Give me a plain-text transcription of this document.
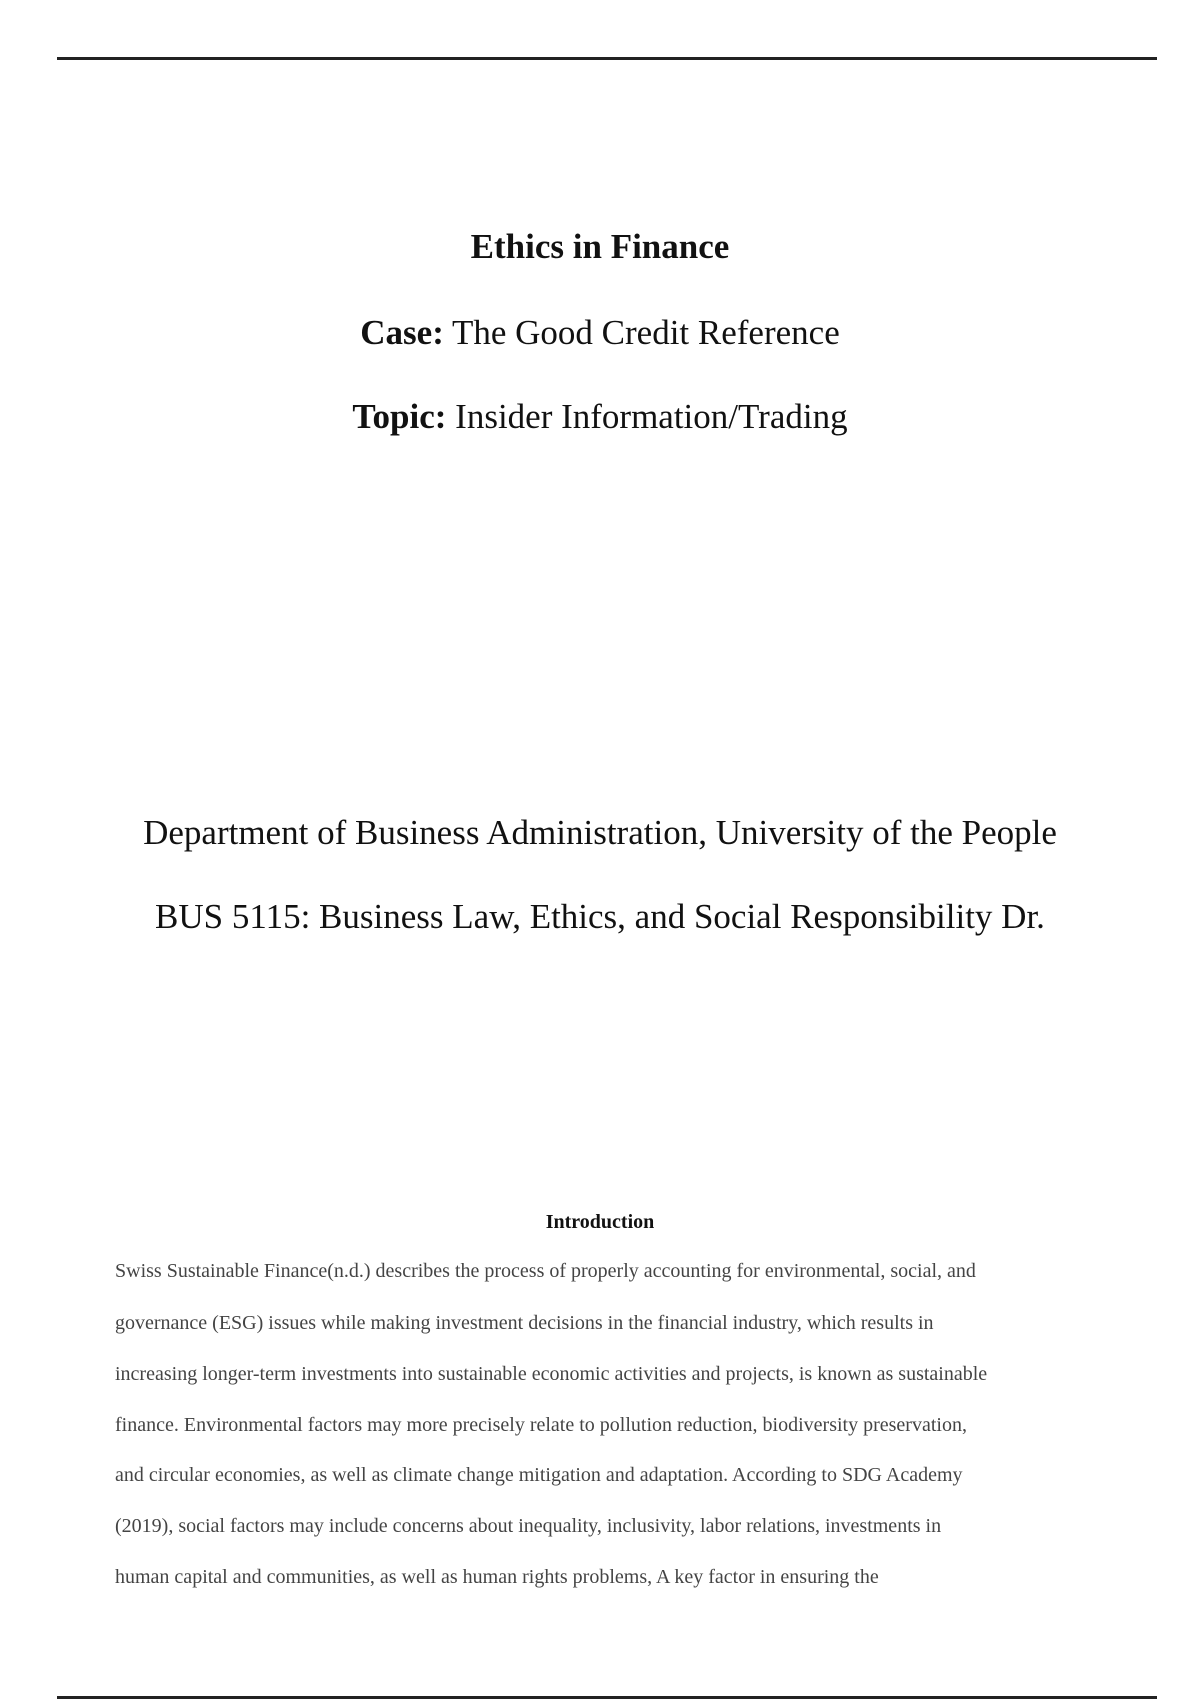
Ethics in Finance
Case: The Good Credit Reference
Topic: Insider Information/Trading
Department of Business Administration, University of the People
BUS 5115: Business Law, Ethics, and Social Responsibility Dr.
Introduction
Swiss Sustainable Finance(n.d.) describes the process of properly accounting for environmental, social, and
governance (ESG) issues while making investment decisions in the financial industry, which results in
increasing longer-term investments into sustainable economic activities and projects, is known as sustainable
finance. Environmental factors may more precisely relate to pollution reduction, biodiversity preservation,
and circular economies, as well as climate change mitigation and adaptation. According to SDG Academy
(2019), social factors may include concerns about inequality, inclusivity, labor relations, investments in
human capital and communities, as well as human rights problems, A key factor in ensuring the
